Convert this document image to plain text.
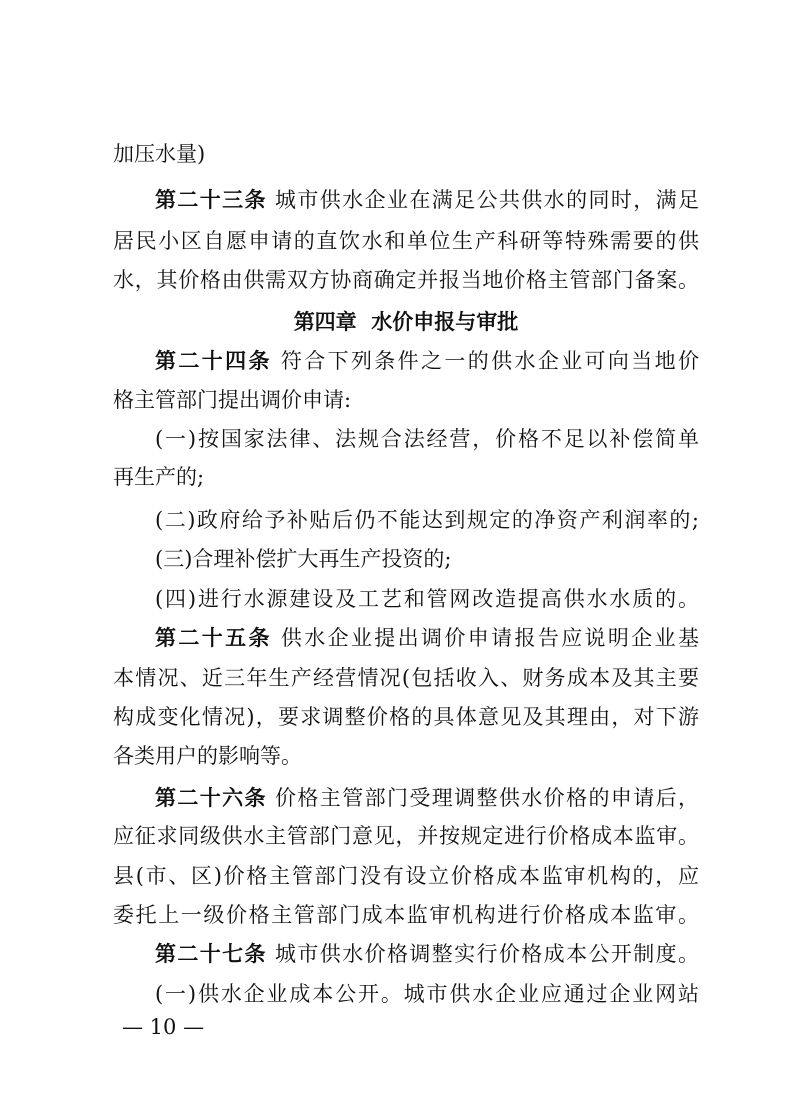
加压水量)
第二十三条 城市供水企业在满足公共供水的同时，满足
居民小区自愿申请的直饮水和单位生产科研等特殊需要的供
水，其价格由供需双方协商确定并报当地价格主管部门备案。
第四章  水价申报与审批
第二十四条 符合下列条件之一的供水企业可向当地价
格主管部门提出调价申请:
(一)按国家法律、法规合法经营，价格不足以补偿简单
再生产的;
(二)政府给予补贴后仍不能达到规定的净资产利润率的;
(三)合理补偿扩大再生产投资的;
(四)进行水源建设及工艺和管网改造提高供水水质的。
第二十五条 供水企业提出调价申请报告应说明企业基
本情况、近三年生产经营情况(包括收入、财务成本及其主要
构成变化情况)，要求调整价格的具体意见及其理由，对下游
各类用户的影响等。
第二十六条 价格主管部门受理调整供水价格的申请后，
应征求同级供水主管部门意见，并按规定进行价格成本监审。
县(市、区)价格主管部门没有设立价格成本监审机构的，应
委托上一级价格主管部门成本监审机构进行价格成本监审。
第二十七条 城市供水价格调整实行价格成本公开制度。
(一)供水企业成本公开。城市供水企业应通过企业网站
— 10 —
